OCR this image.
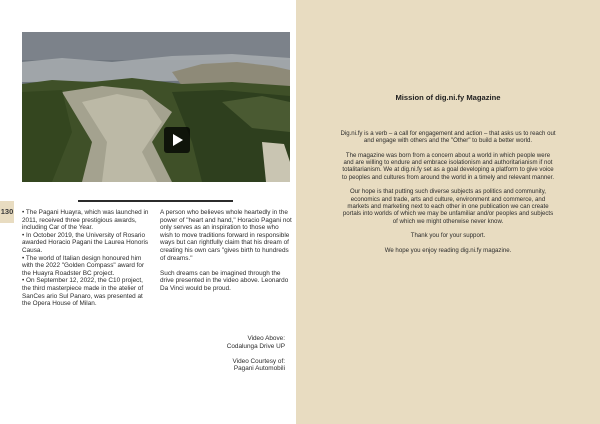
130 • The Pagani Huayra, which was launched in 2011, received three prestigious awards, including Car of the Year.
• In October 2019, the University of Rosario awarded Horacio Pagani the Laurea Honoris Causa.
• The world of Italian design honoured him with the 2022 "Golden Compass" award for the Huayra Roadster BC project.
• On September 12, 2022, the C10 project, the third masterpiece made in the atelier of SanCes ario Sul Panaro, was presented at the Opera House of Milan.

A person who believes whole heartedly in the power of "heart and hand," Horacio Pagani not only serves as an inspiration to those who wish to move traditions forward in responsible ways but can rightfully claim that his dream of creating his own cars "gives birth to hundreds of dreams."

Such dreams can be imagined through the drive presented in the video above. Leonardo Da Vinci would be proud.

Video Above:
Codalunga Drive UP

Video Courtesy of:
Pagani Automobili

Mission of dig.ni.fy Magazine

Dig.ni.fy is a verb – a call for engagement and action – that asks us to reach out and engage with others and the "Other" to build a better world.

The magazine was born from a concern about a world in which people were and are willing to endure and embrace isolationism and authoritarianism if not totalitarianism. We at dig.ni.fy set as a goal developing a platform to give voice to peoples and cultures from around the world in a timely and relevant manner.

Our hope is that putting such diverse subjects as politics and community, economics and trade, arts and culture, environment and commerce, and markets and marketing next to each other in one publication we can create portals into worlds of which we may be unfamiliar and/or peoples and subjects of which we might otherwise never know.

Thank you for your support.

We hope you enjoy reading dig.ni.fy magazine.
